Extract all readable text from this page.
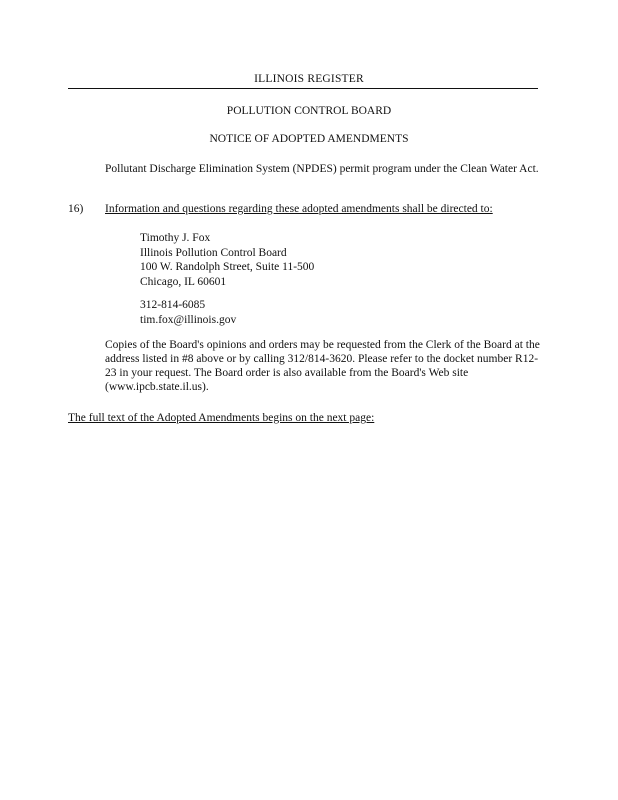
ILLINOIS REGISTER
POLLUTION CONTROL BOARD
NOTICE OF ADOPTED AMENDMENTS
Pollutant Discharge Elimination System (NPDES) permit program under the Clean Water Act.
16) Information and questions regarding these adopted amendments shall be directed to:
Timothy J. Fox
Illinois Pollution Control Board
100 W. Randolph Street, Suite 11-500
Chicago, IL 60601
312-814-6085
tim.fox@illinois.gov
Copies of the Board's opinions and orders may be requested from the Clerk of the Board at the address listed in #8 above or by calling 312/814-3620. Please refer to the docket number R12-23 in your request. The Board order is also available from the Board's Web site (www.ipcb.state.il.us).
The full text of the Adopted Amendments begins on the next page:
